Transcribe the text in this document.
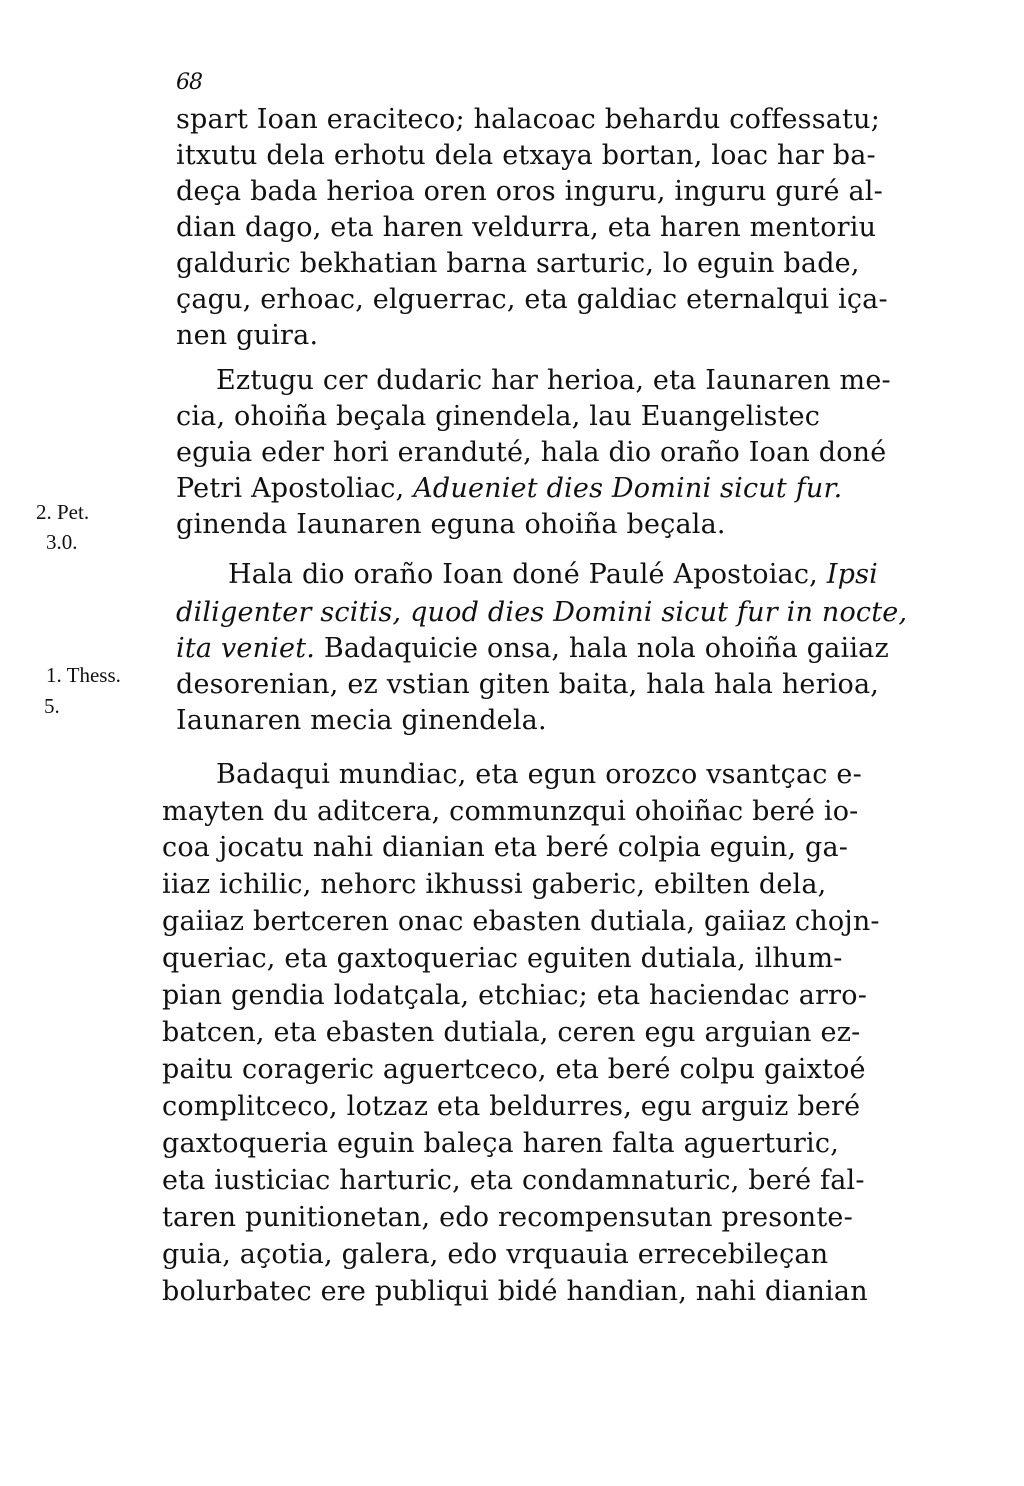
68
spart Ioan eraciteco; halacoac behardu coffessatu;
itxutu dela erhotu dela etxaya bortan, loac har ba-
deça bada herioa oren oros inguru, inguru guré al-
dian dago, eta haren veldurra, eta haren mentoriu
galduric bekhatian barna sarturic, lo eguin bade,
çagu, erhoac, elguerrac, eta galdiac eternalqui iça-
nen guira.
Eztugu cer dudaric har herioa, eta Iaunaren me-
cia, ohoiña beçala ginendela, lau Euangelistec
eguia eder hori eranduté, hala dio oraño Ioan doné
Petri Apostoliac, Adueniet dies Domini sicut fur.
ginenda Iaunaren eguna ohoiña beçala.
Hala dio oraño Ioan doné Paulé Apostoiac, Ipsi
diligenter scitis, quod dies Domini sicut fur in nocte,
ita veniet. Badaquicie onsa, hala nola ohoiña gaiiaz
desorenian, ez vstian giten baita, hala hala herioa,
Iaunaren mecia ginendela.
Badaqui mundiac, eta egun orozco vsantçac e-
mayten du aditcera, communzqui ohoiñac beré io-
coa jocatu nahi dianian eta beré colpia eguin, ga-
iiaz ichilic, nehorc ikhussi gaberic, ebilten dela,
gaiiaz bertceren onac ebasten dutiala, gaiiaz chojn-
queriac, eta gaxtoqueriac eguiten dutiala, ilhum-
pian gendia lodatçala, etchiac; eta haciendac arro-
batcen, eta ebasten dutiala, ceren egu arguian ez-
paitu corageric aguertceco, eta beré colpu gaixtoé
complitceco, lotzaz eta beldurres, egu arguiz beré
gaxtoqueria eguin baleça haren falta aguerturic,
eta iusticiac harturic, eta condamnaturic, beré fal-
taren punitionetan, edo recompensutan presonte-
guia, açotia, galera, edo vrquauia errecebileçan
bolurbatec ere publiqui bidé handian, nahi dianian
2. Pet.
3.0.
1. Thess.
5.
